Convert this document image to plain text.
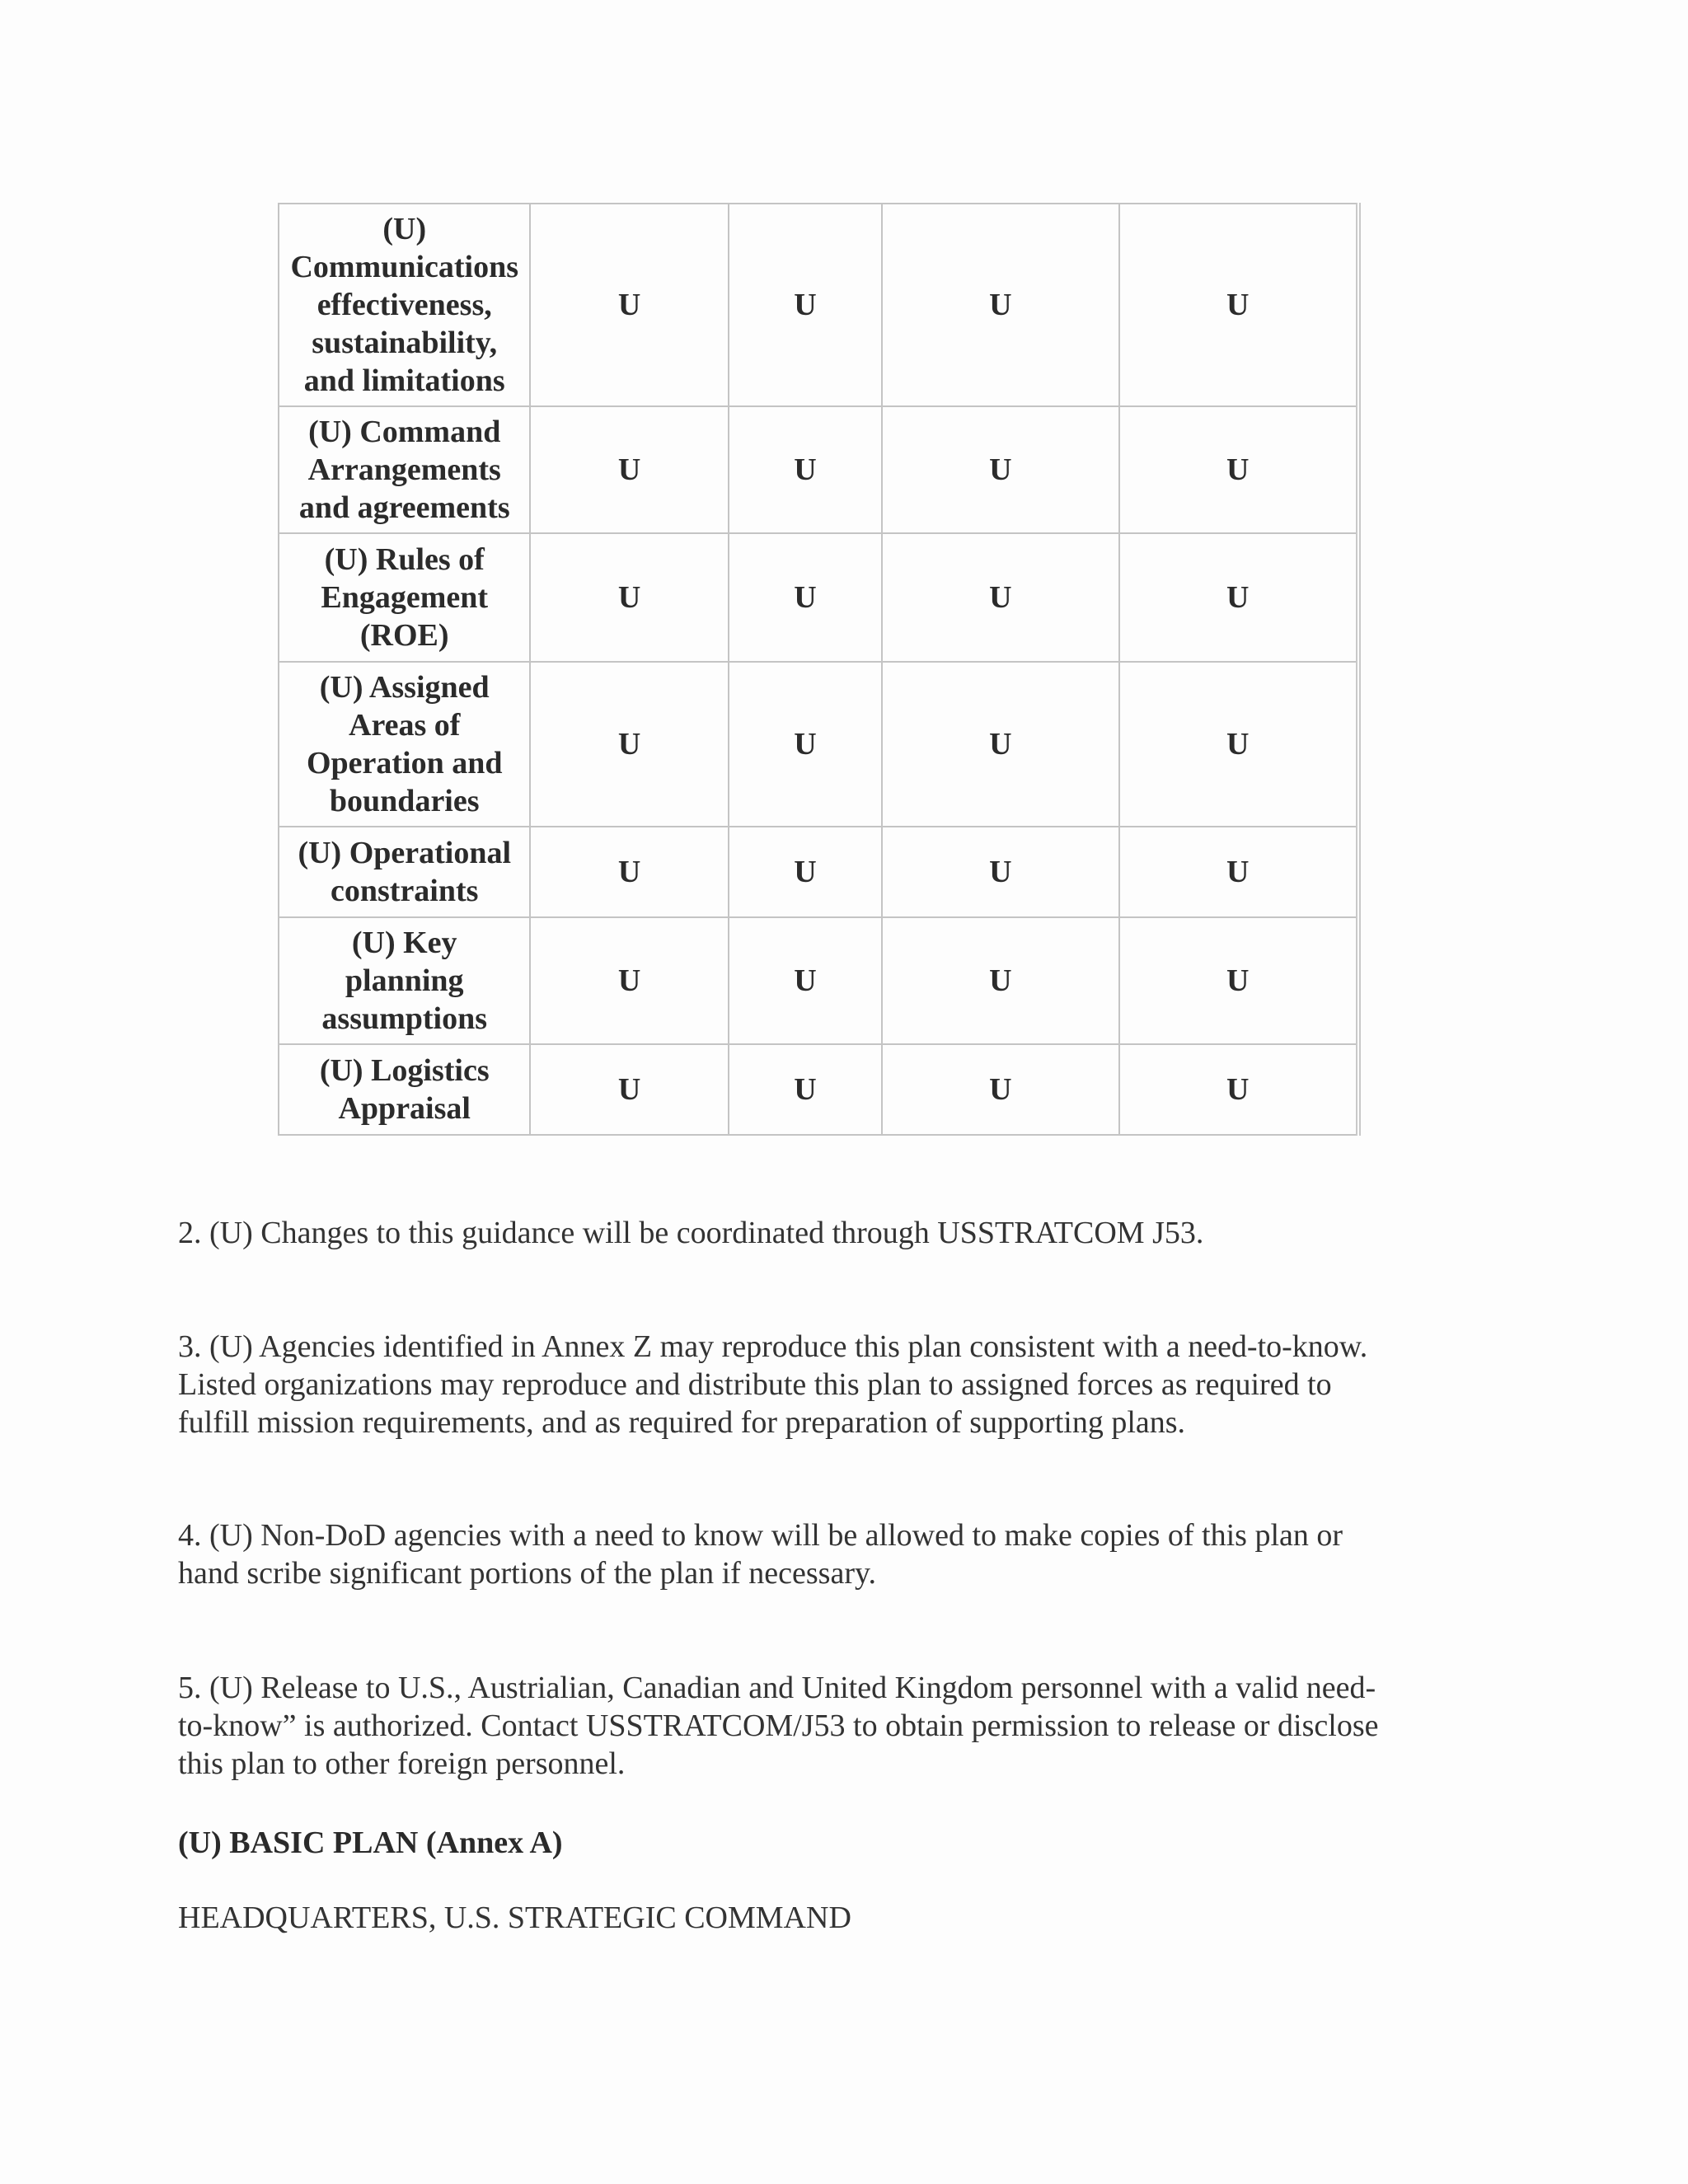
(U)
Communications
effectiveness,
sustainability,
and limitations	U	U	U	U
(U) Command
Arrangements
and agreements	U	U	U	U
(U) Rules of
Engagement
(ROE)	U	U	U	U
(U) Assigned
Areas of
Operation and
boundaries	U	U	U	U
(U) Operational
constraints	U	U	U	U
(U) Key
planning
assumptions	U	U	U	U
(U) Logistics
Appraisal	U	U	U	U

2. (U) Changes to this guidance will be coordinated through USSTRATCOM J53.

3. (U) Agencies identified in Annex Z may reproduce this plan consistent with a need-to-know.
Listed organizations may reproduce and distribute this plan to assigned forces as required to
fulfill mission requirements, and as required for preparation of supporting plans.

4. (U) Non-DoD agencies with a need to know will be allowed to make copies of this plan or
hand scribe significant portions of the plan if necessary.

5. (U) Release to U.S., Austrialian, Canadian and United Kingdom personnel with a valid need-
to-know” is authorized. Contact USSTRATCOM/J53 to obtain permission to release or disclose
this plan to other foreign personnel.

(U) BASIC PLAN (Annex A)

HEADQUARTERS, U.S. STRATEGIC COMMAND
